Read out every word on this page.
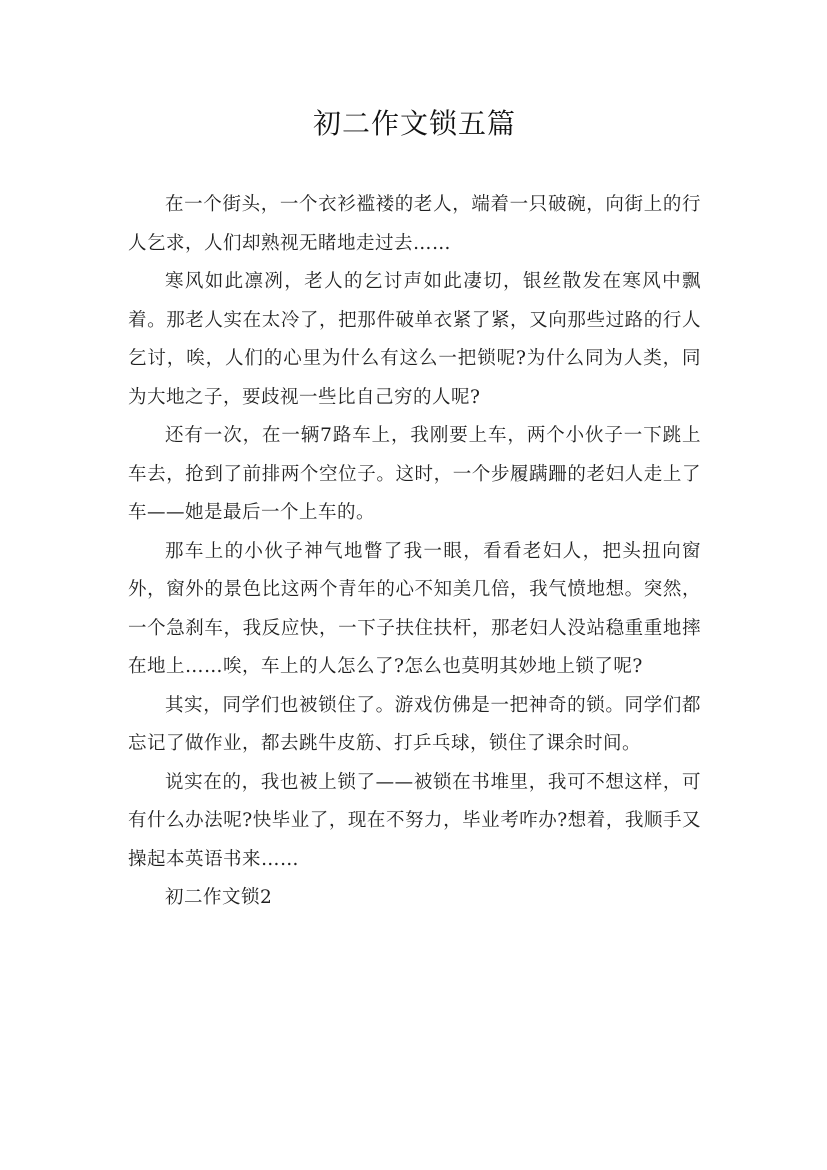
初二作文锁五篇

在一个街头，一个衣衫褴褛的老人，端着一只破碗，向街上的行人乞求，人们却熟视无睹地走过去……

寒风如此凛冽，老人的乞讨声如此凄切，银丝散发在寒风中飘着。那老人实在太冷了，把那件破单衣紧了紧，又向那些过路的行人乞讨，唉，人们的心里为什么有这么一把锁呢?为什么同为人类，同为大地之子，要歧视一些比自己穷的人呢?

还有一次，在一辆7路车上，我刚要上车，两个小伙子一下跳上车去，抢到了前排两个空位子。这时，一个步履蹒跚的老妇人走上了车——她是最后一个上车的。

那车上的小伙子神气地瞥了我一眼，看看老妇人，把头扭向窗外，窗外的景色比这两个青年的心不知美几倍，我气愤地想。突然，一个急刹车，我反应快，一下子扶住扶杆，那老妇人没站稳重重地摔在地上……唉，车上的人怎么了?怎么也莫明其妙地上锁了呢?

其实，同学们也被锁住了。游戏仿佛是一把神奇的锁。同学们都忘记了做作业，都去跳牛皮筋、打乒乓球，锁住了课余时间。

说实在的，我也被上锁了——被锁在书堆里，我可不想这样，可有什么办法呢?快毕业了，现在不努力，毕业考咋办?想着，我顺手又操起本英语书来……

初二作文锁2
